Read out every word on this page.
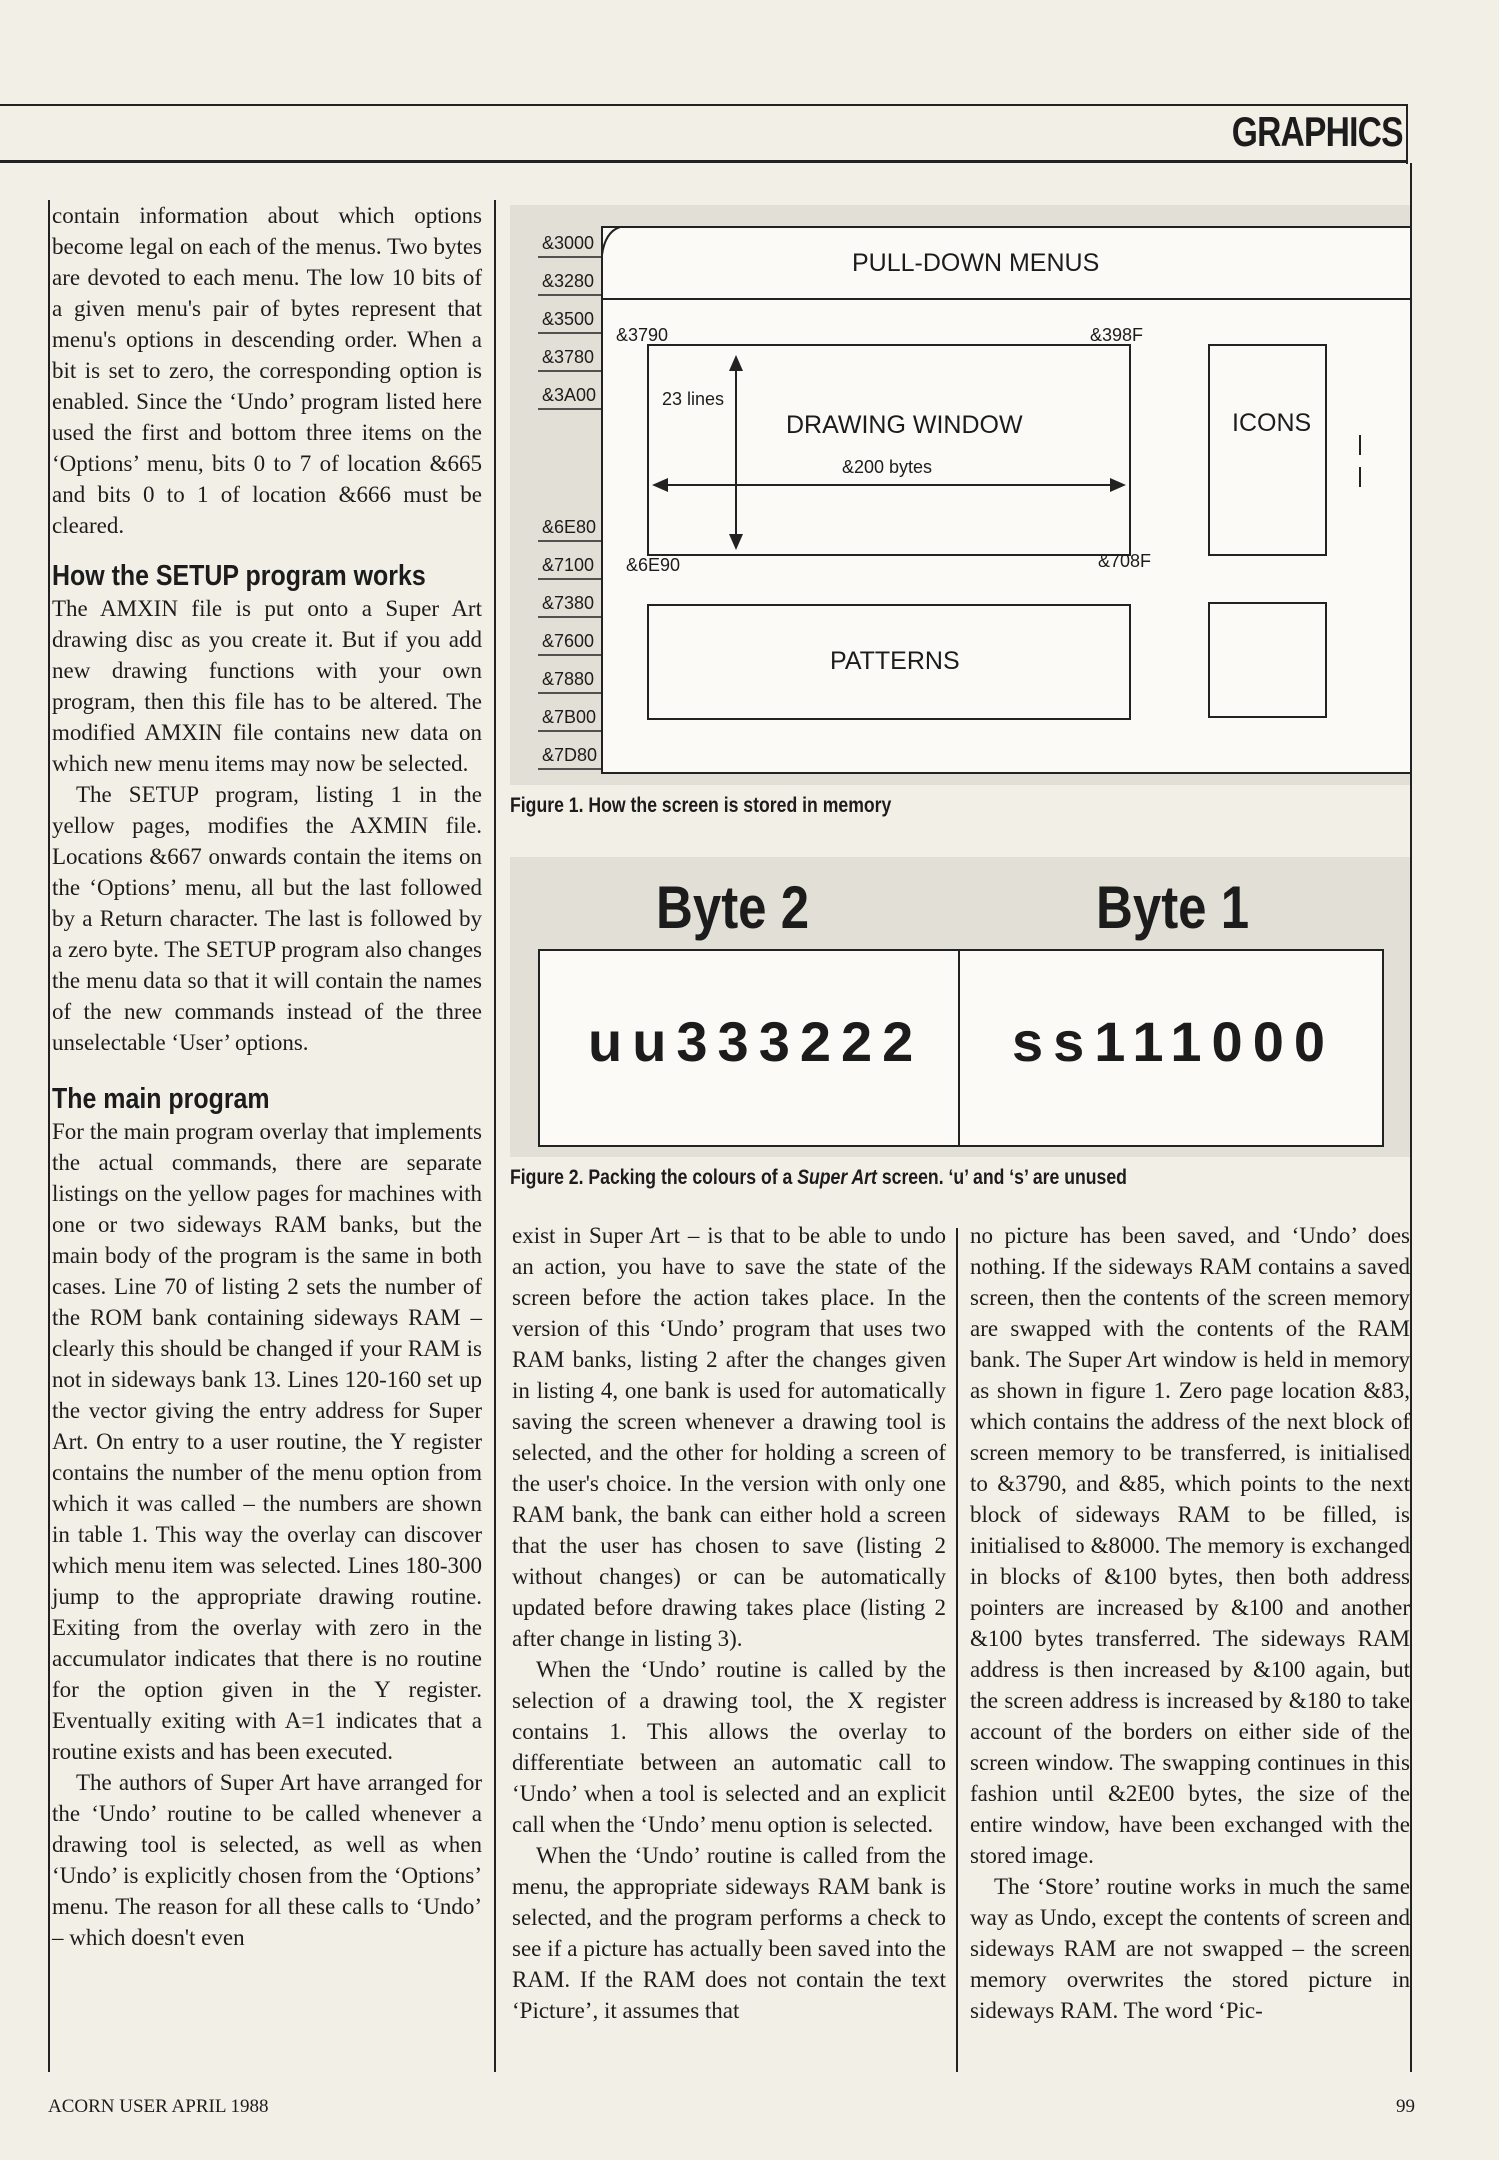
GRAPHICS

contain information about which options become legal on each of the menus. Two bytes are devoted to each menu. The low 10 bits of a given menu's pair of bytes represent that menu's options in descending order. When a bit is set to zero, the corresponding option is enabled. Since the ‘Undo’ program listed here used the first and bottom three items on the ‘Options’ menu, bits 0 to 7 of location &665 and bits 0 to 1 of location &666 must be cleared.

How the SETUP program works

The AMXIN file is put onto a Super Art drawing disc as you create it. But if you add new drawing functions with your own program, then this file has to be altered. The modified AMXIN file contains new data on which new menu items may now be selected.

The SETUP program, listing 1 in the yellow pages, modifies the AXMIN file. Locations &667 onwards contain the items on the ‘Options’ menu, all but the last followed by a Return character. The last is followed by a zero byte. The SETUP program also changes the menu data so that it will contain the names of the new commands instead of the three unselectable ‘User’ options.

The main program

For the main program overlay that implements the actual commands, there are separate listings on the yellow pages for machines with one or two sideways RAM banks, but the main body of the program is the same in both cases. Line 70 of listing 2 sets the number of the ROM bank containing sideways RAM – clearly this should be changed if your RAM is not in sideways bank 13. Lines 120-160 set up the vector giving the entry address for Super Art. On entry to a user routine, the Y register contains the number of the menu option from which it was called – the numbers are shown in table 1. This way the overlay can discover which menu item was selected. Lines 180-300 jump to the appropriate drawing routine. Exiting from the overlay with zero in the accumulator indicates that there is no routine for the option given in the Y register. Eventually exiting with A=1 indicates that a routine exists and has been executed.

The authors of Super Art have arranged for the ‘Undo’ routine to be called whenever a drawing tool is selected, as well as when ‘Undo’ is explicitly chosen from the ‘Options’ menu. The reason for all these calls to ‘Undo’ – which doesn't even

&3000
&3280
&3500
&3780
&3A00
&6E80
&7100
&7380
&7600
&7880
&7B00
&7D80
PULL-DOWN MENUS
DRAWING WINDOW	ICONS
PATTERNS
23 lines
&200 bytes
&3790	&398F
&6E90	&708F
Figure 1. How the screen is stored in memory
Byte 2	Byte 1
uu333222 ss111000
Figure 2. Packing the colours of a Super Art screen. ‘u’ and ‘s’ are unused

exist in Super Art – is that to be able to undo an action, you have to save the state of the screen before the action takes place. In the version of this ‘Undo’ program that uses two RAM banks, listing 2 after the changes given in listing 4, one bank is used for automatically saving the screen whenever a drawing tool is selected, and the other for holding a screen of the user's choice. In the version with only one RAM bank, the bank can either hold a screen that the user has chosen to save (listing 2 without changes) or can be automatically updated before drawing takes place (listing 2 after change in listing 3).

When the ‘Undo’ routine is called by the selection of a drawing tool, the X register contains 1. This allows the overlay to differentiate between an automatic call to ‘Undo’ when a tool is selected and an explicit call when the ‘Undo’ menu option is selected.

When the ‘Undo’ routine is called from the menu, the appropriate sideways RAM bank is selected, and the program performs a check to see if a picture has actually been saved into the RAM. If the RAM does not contain the text ‘Picture’, it assumes that

no picture has been saved, and ‘Undo’ does nothing. If the sideways RAM contains a saved screen, then the contents of the screen memory are swapped with the contents of the RAM bank. The Super Art window is held in memory as shown in figure 1. Zero page location &83, which contains the address of the next block of screen memory to be transferred, is initialised to &3790, and &85, which points to the next block of sideways RAM to be filled, is initialised to &8000. The memory is exchanged in blocks of &100 bytes, then both address pointers are increased by &100 and another &100 bytes transferred. The sideways RAM address is then increased by &100 again, but the screen address is increased by &180 to take account of the borders on either side of the screen window. The swapping continues in this fashion until &2E00 bytes, the size of the entire window, have been exchanged with the stored image.

The ‘Store’ routine works in much the same way as Undo, except the contents of screen and sideways RAM are not swapped – the screen memory overwrites the stored picture in sideways RAM. The word ‘Pic-

ACORN USER APRIL 1988	99
